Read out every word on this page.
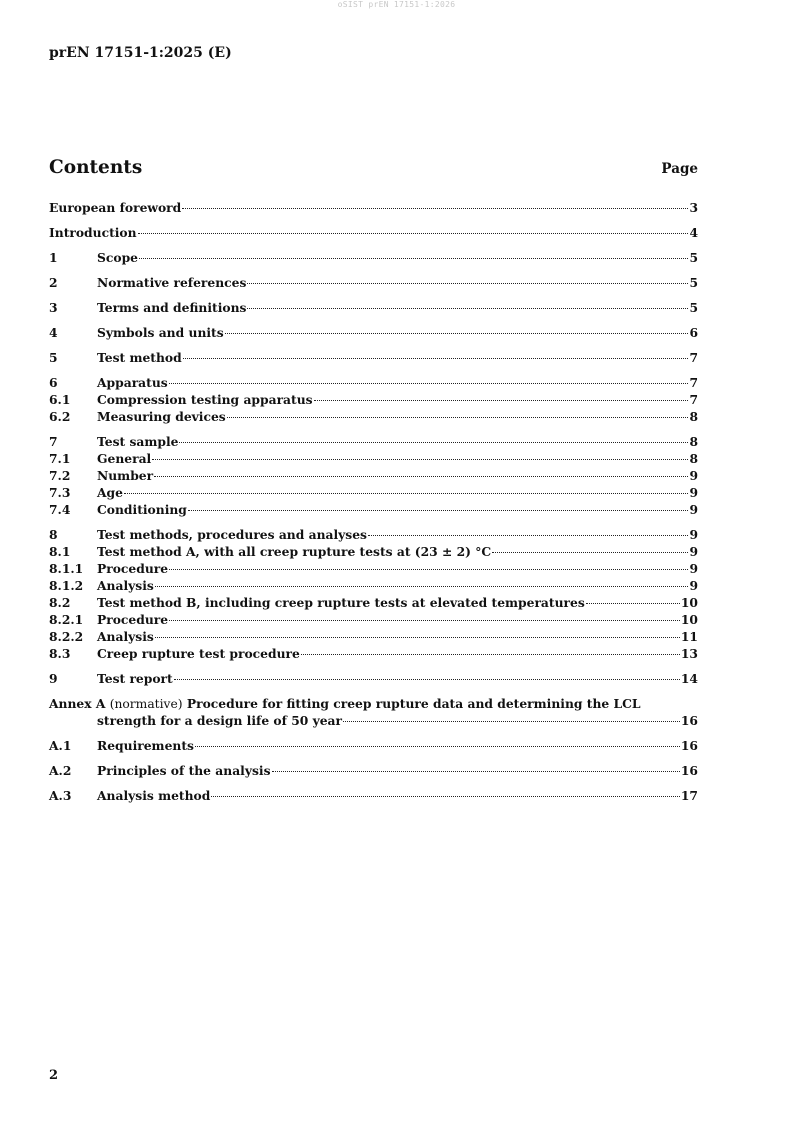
oSIST prEN 17151-1:2026
prEN 17151-1:2025 (E)
Contents	Page
European foreword	3
Introduction	4
1	Scope	5
2	Normative references	5
3	Terms and definitions	5
4	Symbols and units	6
5	Test method	7
6	Apparatus	7
6.1	Compression testing apparatus	7
6.2	Measuring devices	8
7	Test sample	8
7.1	General	8
7.2	Number	9
7.3	Age	9
7.4	Conditioning	9
8	Test methods, procedures and analyses	9
8.1	Test method A, with all creep rupture tests at (23 ± 2) °C	9
8.1.1	Procedure	9
8.1.2	Analysis	9
8.2	Test method B, including creep rupture tests at elevated temperatures	10
8.2.1	Procedure	10
8.2.2	Analysis	11
8.3	Creep rupture test procedure	13
9	Test report	14
Annex A (normative) Procedure for fitting creep rupture data and determining the LCL
strength for a design life of 50 year	16
A.1	Requirements	16
A.2	Principles of the analysis	16
A.3	Analysis method	17
2
